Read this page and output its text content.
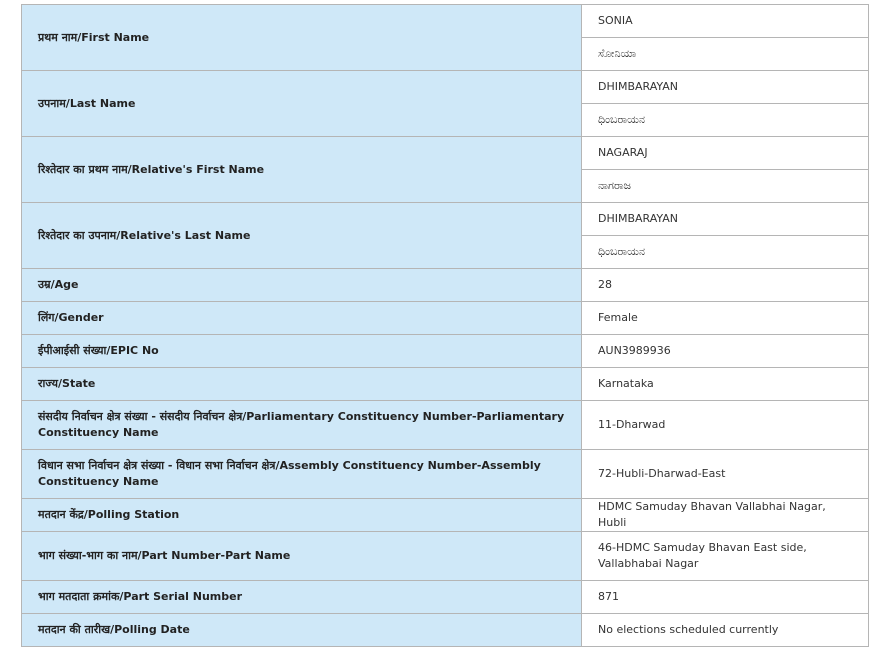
प्रथम नाम/First Name	SONIA
	ಸೋನಿಯಾ
उपनाम/Last Name	DHIMBARAYAN
	ಧಿಂಬರಾಯನ
रिश्तेदार का प्रथम नाम/Relative's First Name	NAGARAJ
	ನಾಗರಾಜ
रिश्तेदार का उपनाम/Relative's Last Name	DHIMBARAYAN
	ಧಿಂಬರಾಯನ
उम्र/Age	28
लिंग/Gender	Female
ईपीआईसी संख्या/EPIC No	AUN3989936
राज्य/State	Karnataka
संसदीय निर्वाचन क्षेत्र संख्या - संसदीय निर्वाचन क्षेत्र/Parliamentary Constituency Number-Parliamentary Constituency Name	11-Dharwad
विधान सभा निर्वाचन क्षेत्र संख्या - विधान सभा निर्वाचन क्षेत्र/Assembly Constituency Number-Assembly Constituency Name	72-Hubli-Dharwad-East
मतदान केंद्र/Polling Station	HDMC Samuday Bhavan Vallabhai Nagar, Hubli
भाग संख्या-भाग का नाम/Part Number-Part Name	46-HDMC Samuday Bhavan East side, Vallabhabai Nagar
भाग मतदाता क्रमांक/Part Serial Number	871
मतदान की तारीख/Polling Date	No elections scheduled currently
